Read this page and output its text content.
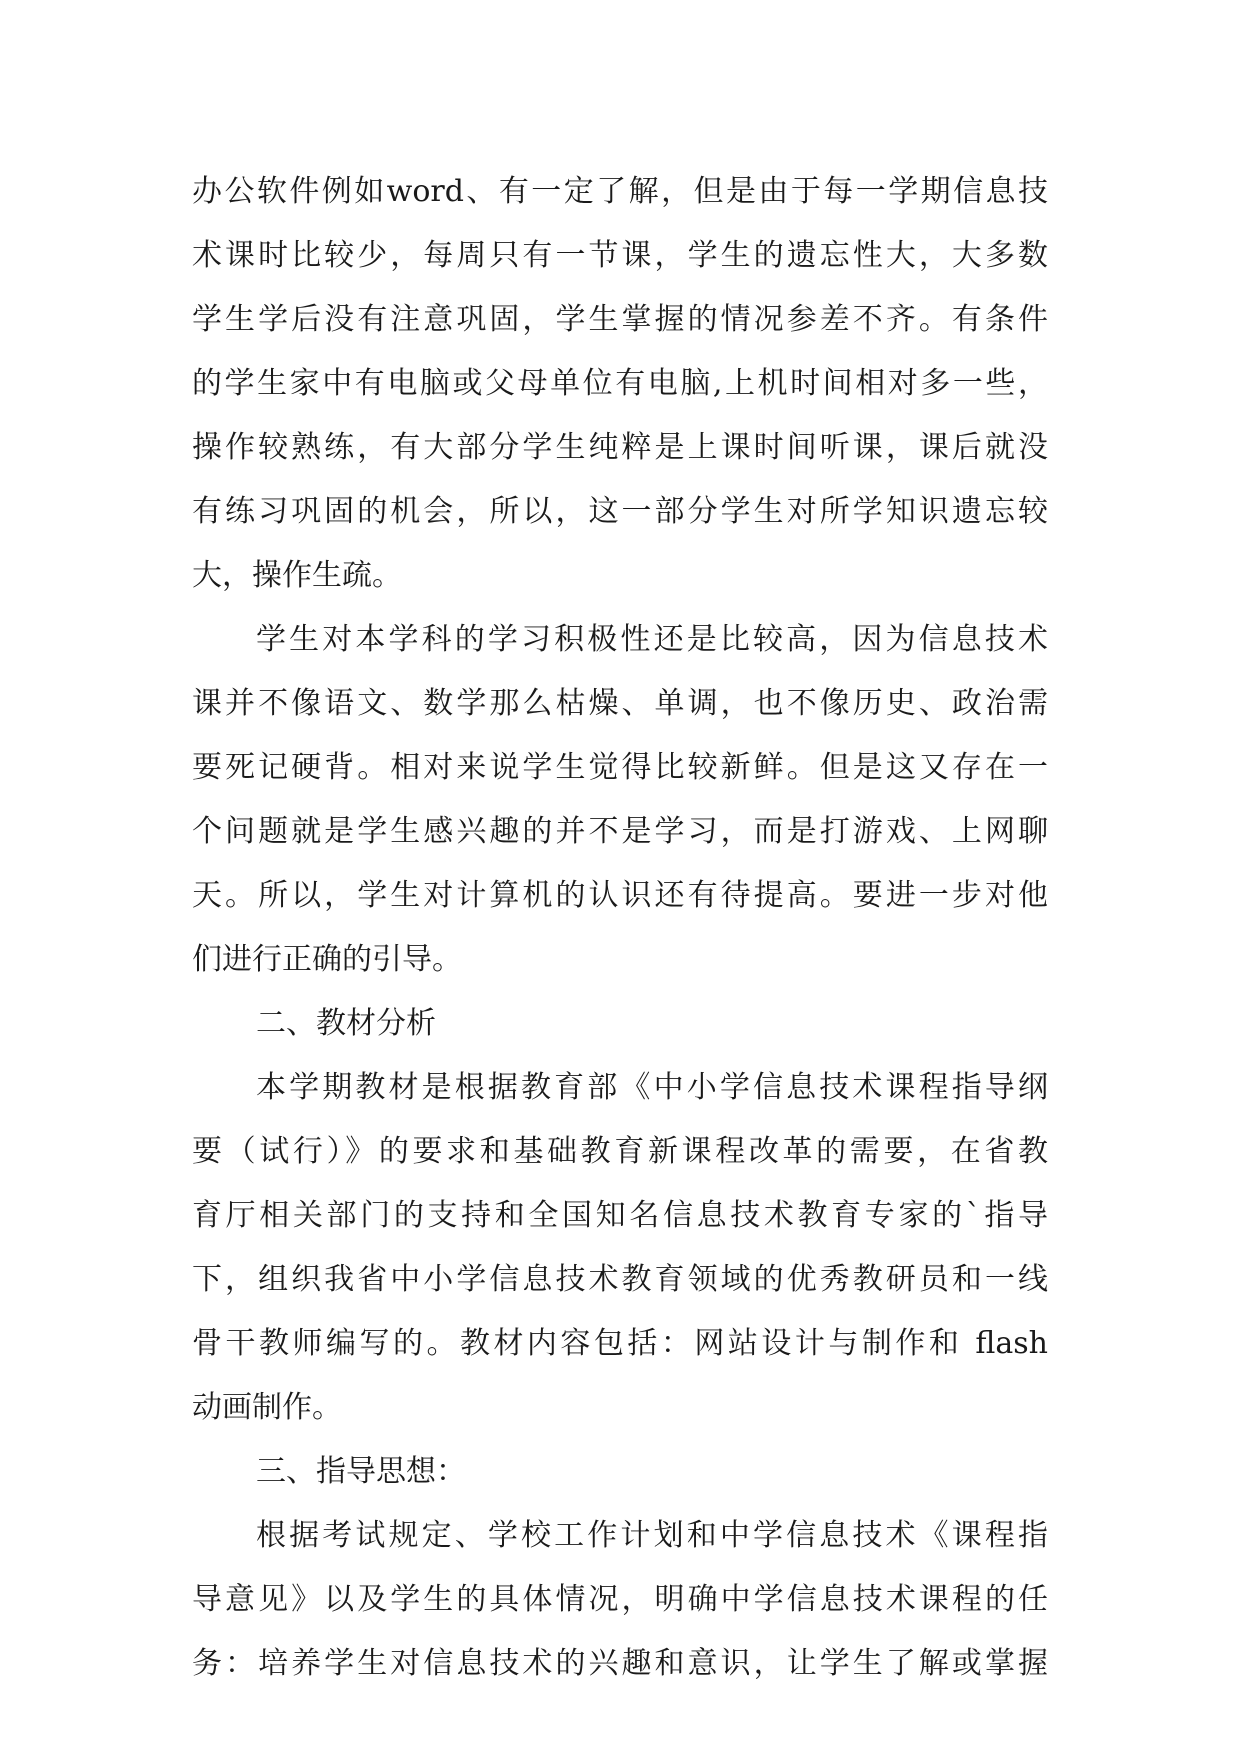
办公软件例如word、有一定了解，但是由于每一学期信息技
术课时比较少，每周只有一节课，学生的遗忘性大，大多数
学生学后没有注意巩固，学生掌握的情况参差不齐。有条件
的学生家中有电脑或父母单位有电脑,上机时间相对多一些，
操作较熟练，有大部分学生纯粹是上课时间听课，课后就没
有练习巩固的机会，所以，这一部分学生对所学知识遗忘较
大，操作生疏。
学生对本学科的学习积极性还是比较高，因为信息技术
课并不像语文、数学那么枯燥、单调，也不像历史、政治需
要死记硬背。相对来说学生觉得比较新鲜。但是这又存在一
个问题就是学生感兴趣的并不是学习，而是打游戏、上网聊
天。所以，学生对计算机的认识还有待提高。要进一步对他
们进行正确的引导。
二、教材分析
本学期教材是根据教育部《中小学信息技术课程指导纲
要（试行）》的要求和基础教育新课程改革的需要，在省教
育厅相关部门的支持和全国知名信息技术教育专家的`指导
下，组织我省中小学信息技术教育领域的优秀教研员和一线
骨干教师编写的。教材内容包括：网站设计与制作和 flash
动画制作。
三、指导思想：
根据考试规定、学校工作计划和中学信息技术《课程指
导意见》以及学生的具体情况，明确中学信息技术课程的任
务：培养学生对信息技术的兴趣和意识，让学生了解或掌握
